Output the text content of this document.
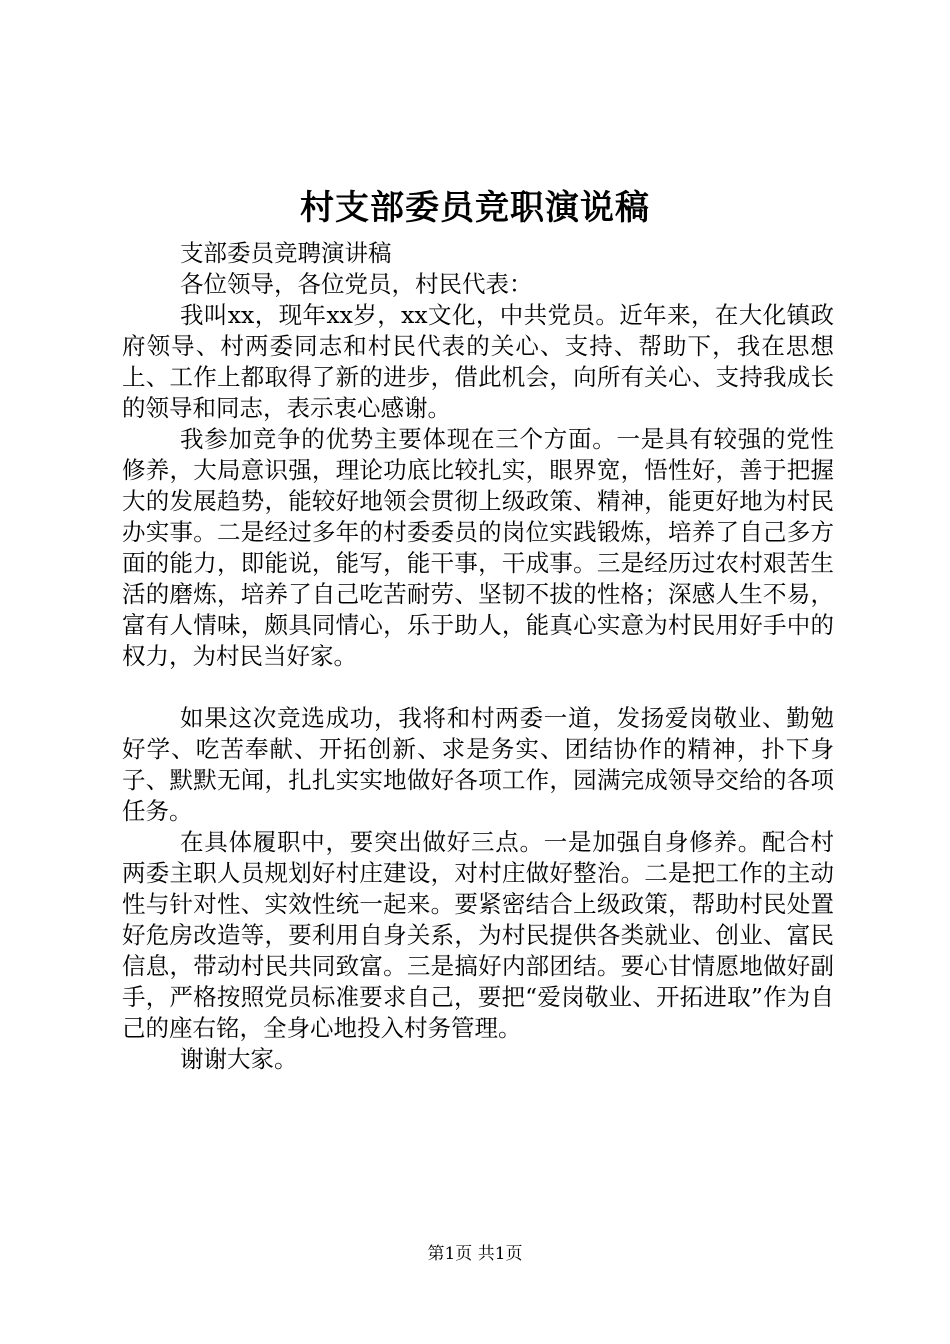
村支部委员竞职演说稿

支部委员竞聘演讲稿

各位领导，各位党员，村民代表：

我叫xx，现年xx岁，xx文化，中共党员。近年来，在大化镇政府领导、村两委同志和村民代表的关心、支持、帮助下，我在思想上、工作上都取得了新的进步，借此机会，向所有关心、支持我成长的领导和同志，表示衷心感谢。

我参加竞争的优势主要体现在三个方面。一是具有较强的党性修养，大局意识强，理论功底比较扎实，眼界宽，悟性好，善于把握大的发展趋势，能较好地领会贯彻上级政策、精神，能更好地为村民办实事。二是经过多年的村委委员的岗位实践锻炼，培养了自己多方面的能力，即能说，能写，能干事，干成事。三是经历过农村艰苦生活的磨炼，培养了自己吃苦耐劳、坚韧不拔的性格；深感人生不易，富有人情味，颇具同情心，乐于助人，能真心实意为村民用好手中的权力，为村民当好家。

如果这次竞选成功，我将和村两委一道，发扬爱岗敬业、勤勉好学、吃苦奉献、开拓创新、求是务实、团结协作的精神，扑下身子、默默无闻，扎扎实实地做好各项工作，园满完成领导交给的各项任务。

在具体履职中，要突出做好三点。一是加强自身修养。配合村两委主职人员规划好村庄建设，对村庄做好整治。二是把工作的主动性与针对性、实效性统一起来。要紧密结合上级政策，帮助村民处置好危房改造等，要利用自身关系，为村民提供各类就业、创业、富民信息，带动村民共同致富。三是搞好内部团结。要心甘情愿地做好副手，严格按照党员标准要求自己，要把“爱岗敬业、开拓进取”作为自己的座右铭，全身心地投入村务管理。

谢谢大家。

第1页 共1页
